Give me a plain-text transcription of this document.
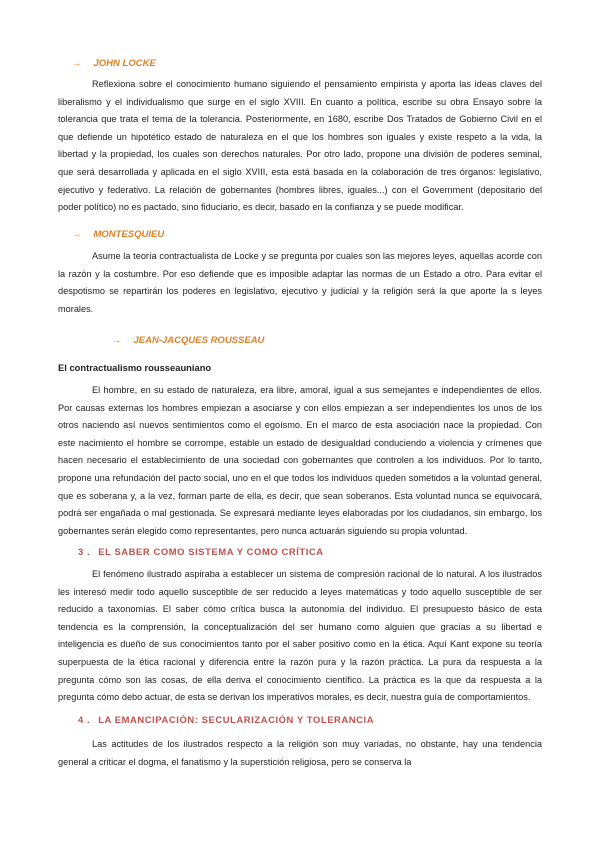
→ JOHN LOCKE

Reflexiona sobre el conocimiento humano siguiendo el pensamiento empirista y aporta las ideas claves del liberalismo y el individualismo que surge en el siglo XVIII. En cuanto a política, escribe su obra Ensayo sobre la tolerancia que trata el tema de la tolerancia. Posteriormente, en 1680, escribe Dos Tratados de Gobierno Civil en el que defiende un hipotético estado de naturaleza en el que los hombres son iguales y existe respeto a la vida, la libertad y la propiedad, los cuales son derechos naturales. Por otro lado, propone una división de poderes seminal, que será desarrollada y aplicada en el siglo XVIII, esta está basada en la colaboración de tres órganos: legislativo, ejecutivo y federativo. La relación de gobernantes (hombres libres, iguales...) con el Government (depositario del poder político) no es pactado, sino fiduciario, es decir, basado en la confianza y se puede modificar.

→ MONTESQUIEU

Asume la teoría contractualista de Locke y se pregunta por cuales son las mejores leyes, aquellas acorde con la razón y la costumbre. Por eso defiende que es imposible adaptar las normas de un Estado a otro. Para evitar el despotismo se repartirán los poderes en legislativo, ejecutivo y judicial y la religión será la que aporte la s leyes morales.

→ JEAN-JACQUES ROUSSEAU
El contractualismo rousseauniano

El hombre, en su estado de naturaleza, era libre, amoral, igual a sus semejantes e independientes de ellos. Por causas externas los hombres empiezan a asociarse y con ellos empiezan a ser independientes los unos de los otros naciendo así nuevos sentimientos como el egoísmo. En el marco de esta asociación nace la propiedad. Con este nacimiento el hombre se corrompe, estable un estado de desigualdad conduciendo a violencia y crímenes que hacen necesario el establecimiento de una sociedad con gobernantes que controlen a los individuos. Por lo tanto, propone una refundación del pacto social, uno en el que todos los individuos queden sometidos a la voluntad general, que es soberana y, a la vez, forman parte de ella, es decir, que sean soberanos. Esta voluntad nunca se equivocará, podrá ser engañada o mal gestionada. Se expresará mediante leyes elaboradas por los ciudadanos, sin embargo, los gobernantes serán elegido como representantes, pero nunca actuarán siguiendo su propia voluntad.

3 . EL SABER COMO SISTEMA Y COMO CRÍTICA

El fenómeno ilustrado aspiraba a establecer un sistema de compresión racional de lo natural. A los ilustrados les interesó medir todo aquello susceptible de ser reducido a leyes matemáticas y todo aquello susceptible de ser reducido a taxonomías. El saber cómo crítica busca la autonomía del individuo. El presupuesto básico de esta tendencia es la comprensión, la conceptualización del ser humano como alguien que gracias a su libertad e inteligencia es dueño de sus conocimientos tanto por el saber positivo como en la ética. Aquí Kant expone su teoría superpuesta de la ética racional y diferencia entre la razón pura y la razón práctica. La pura da respuesta a la pregunta cómo son las cosas, de ella deriva el conocimiento científico. La práctica es la que da respuesta a la pregunta cómo debo actuar, de esta se derivan los imperativos morales, es decir, nuestra guía de comportamientos.

4 . LA EMANCIPACIÓN: SECULARIZACIÓN Y TOLERANCIA

Las actitudes de los ilustrados respecto a la religión son muy variadas, no obstante, hay una tendencia general a criticar el dogma, el fanatismo y la superstición religiosa, pero se conserva la
